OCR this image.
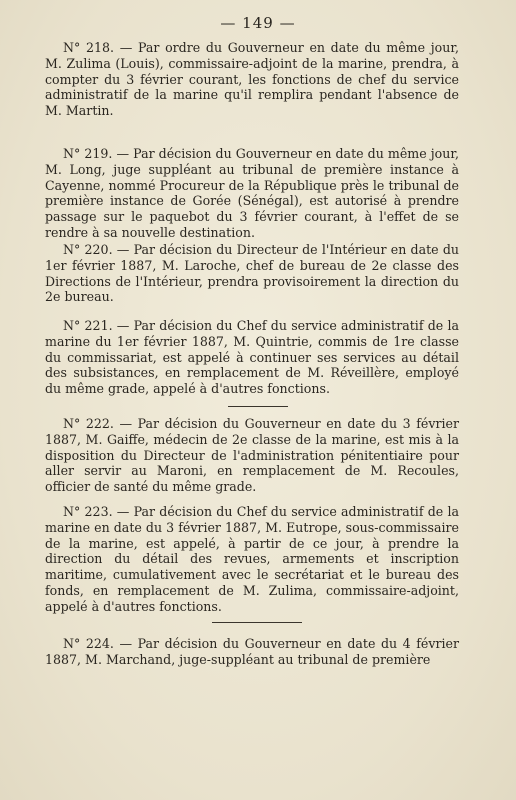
— 149 —

N° 218. — Par ordre du Gouverneur en date du même jour, M. Zulima (Louis), commissaire-adjoint de la marine, prendra, à compter du 3 février courant, les fonctions de chef du service administratif de la marine qu'il remplira pendant l'absence de M. Martin.

N° 219. — Par décision du Gouverneur en date du même jour, M. Long, juge suppléant au tribunal de première instance à Cayenne, nommé Procureur de la République près le tribunal de première instance de Gorée (Sénégal), est autorisé à prendre passage sur le paquebot du 3 février courant, à l'effet de se rendre à sa nouvelle destination.

N° 220. — Par décision du Directeur de l'Intérieur en date du 1er février 1887, M. Laroche, chef de bureau de 2e classe des Directions de l'Intérieur, prendra provisoirement la direction du 2e bureau.

N° 221. — Par décision du Chef du service administratif de la marine du 1er février 1887, M. Quintrie, commis de 1re classe du commissariat, est appelé à continuer ses services au détail des subsistances, en remplacement de M. Réveillère, employé du même grade, appelé à d'autres fonctions.

N° 222. — Par décision du Gouverneur en date du 3 février 1887, M. Gaiffe, médecin de 2e classe de la marine, est mis à la disposition du Directeur de l'administration pénitentiaire pour aller servir au Maroni, en remplacement de M. Recoules, officier de santé du même grade.

N° 223. — Par décision du Chef du service administratif de la marine en date du 3 février 1887, M. Eutrope, sous-commissaire de la marine, est appelé, à partir de ce jour, à prendre la direction du détail des revues, armements et inscription maritime, cumulativement avec le secrétariat et le bureau des fonds, en remplacement de M. Zulima, commissaire-adjoint, appelé à d'autres fonctions.

N° 224. — Par décision du Gouverneur en date du 4 février 1887, M. Marchand, juge-suppléant au tribunal de première
